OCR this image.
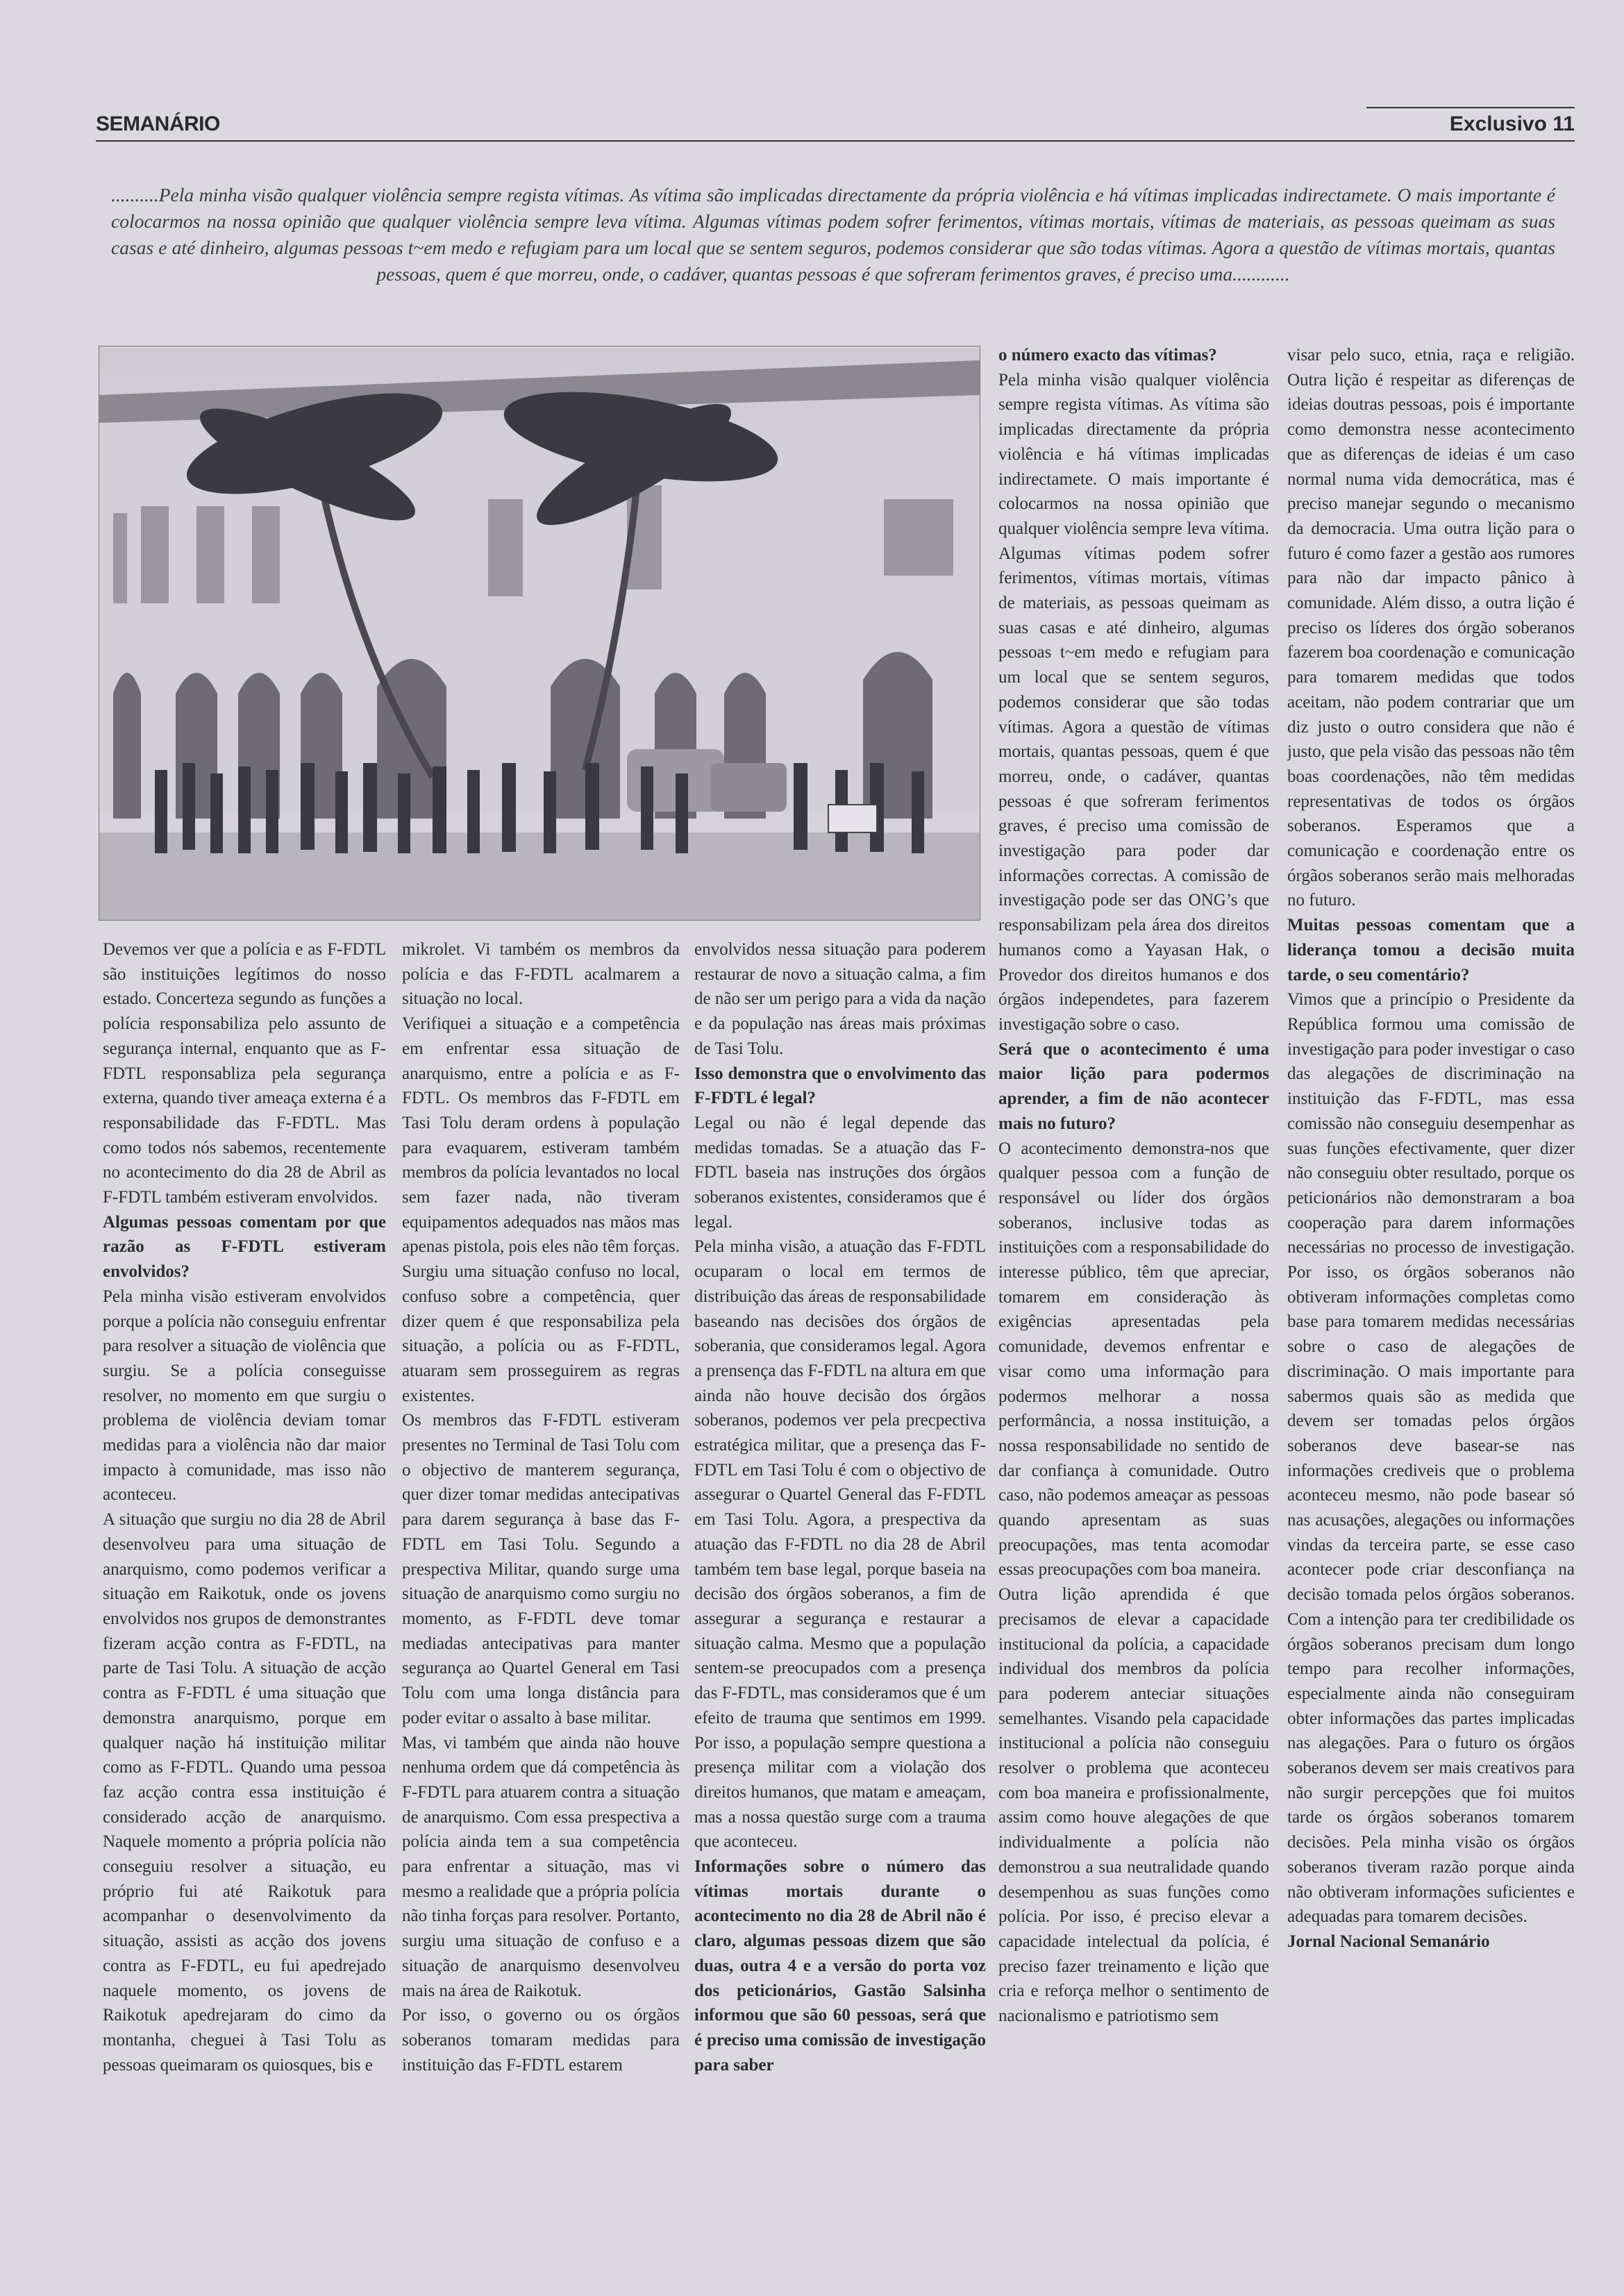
SEMANÁRIO	Exclusivo 11
..........Pela minha visão qualquer violência sempre regista vítimas. As vítima são implicadas directamente da própria violência e há vítimas implicadas indirectamete. O mais importante é colocarmos na nossa opinião que qualquer violência sempre leva vítima. Algumas vítimas podem sofrer ferimentos, vítimas mortais, vítimas de materiais, as pessoas queimam as suas casas e até dinheiro, algumas pessoas t~em medo e refugiam para um local que se sentem seguros, podemos considerar que são todas vítimas. Agora a questão de vítimas mortais, quantas pessoas, quem é que morreu, onde, o cadáver, quantas pessoas é que sofreram ferimentos graves, é preciso uma............

Devemos ver que a polícia e as F-FDTL são instituições legítimos do nosso estado. Concerteza segundo as funções a polícia responsabiliza pelo assunto de segurança internal, enquanto que as F-FDTL responsabliza pela segurança externa, quando tiver ameaça externa é a responsabilidade das F-FDTL. Mas como todos nós sabemos, recentemente no acontecimento do dia 28 de Abril as F-FDTL também estiveram envolvidos.

Algumas pessoas comentam por que razão as F-FDTL estiveram envolvidos?

Pela minha visão estiveram envolvidos porque a polícia não conseguiu enfrentar para resolver a situação de violência que surgiu. Se a polícia conseguisse resolver, no momento em que surgiu o problema de violência deviam tomar medidas para a violência não dar maior impacto à comunidade, mas isso não aconteceu.

A situação que surgiu no dia 28 de Abril desenvolveu para uma situação de anarquismo, como podemos verificar a situação em Raikotuk, onde os jovens envolvidos nos grupos de demonstrantes fizeram acção contra as F-FDTL, na parte de Tasi Tolu. A situação de acção contra as F-FDTL é uma situação que demonstra anarquismo, porque em qualquer nação há instituição militar como as F-FDTL. Quando uma pessoa faz acção contra essa instituição é considerado acção de anarquismo. Naquele momento a própria polícia não conseguiu resolver a situação, eu próprio fui até Raikotuk para acompanhar o desenvolvimento da situação, assisti as acção dos jovens contra as F-FDTL, eu fui apedrejado naquele momento, os jovens de Raikotuk apedrejaram do cimo da montanha, cheguei à Tasi Tolu as pessoas queimaram os quiosques, bis e

mikrolet. Vi também os membros da polícia e das F-FDTL acalmarem a situação no local.

Verifiquei a situação e a competência em enfrentar essa situação de anarquismo, entre a polícia e as F-FDTL. Os membros das F-FDTL em Tasi Tolu deram ordens à população para evaquarem, estiveram também membros da polícia levantados no local sem fazer nada, não tiveram equipamentos adequados nas mãos mas apenas pistola, pois eles não têm forças. Surgiu uma situação confuso no local, confuso sobre a competência, quer dizer quem é que responsabiliza pela situação, a polícia ou as F-FDTL, atuaram sem prosseguirem as regras existentes.

Os membros das F-FDTL estiveram presentes no Terminal de Tasi Tolu com o objectivo de manterem segurança, quer dizer tomar medidas antecipativas para darem segurança à base das F-FDTL em Tasi Tolu. Segundo a prespectiva Militar, quando surge uma situação de anarquismo como surgiu no momento, as F-FDTL deve tomar mediadas antecipativas para manter segurança ao Quartel General em Tasi Tolu com uma longa distância para poder evitar o assalto à base militar.

Mas, vi também que ainda não houve nenhuma ordem que dá competência às F-FDTL para atuarem contra a situação de anarquismo. Com essa prespectiva a polícia ainda tem a sua competência para enfrentar a situação, mas vi mesmo a realidade que a própria polícia não tinha forças para resolver. Portanto, surgiu uma situação de confuso e a situação de anarquismo desenvolveu mais na área de Raikotuk.

Por isso, o governo ou os órgãos soberanos tomaram medidas para instituição das F-FDTL estarem

envolvidos nessa situação para poderem restaurar de novo a situação calma, a fim de não ser um perigo para a vida da nação e da população nas áreas mais próximas de Tasi Tolu.

Isso demonstra que o envolvimento das F-FDTL é legal?

Legal ou não é legal depende das medidas tomadas. Se a atuação das F-FDTL baseia nas instruções dos órgãos soberanos existentes, consideramos que é legal.

Pela minha visão, a atuação das F-FDTL ocuparam o local em termos de distribuição das áreas de responsabilidade baseando nas decisões dos órgãos de soberania, que consideramos legal. Agora a prensença das F-FDTL na altura em que ainda não houve decisão dos órgãos soberanos, podemos ver pela precpectiva estratégica militar, que a presença das F-FDTL em Tasi Tolu é com o objectivo de assegurar o Quartel General das F-FDTL em Tasi Tolu. Agora, a prespectiva da atuação das F-FDTL no dia 28 de Abril também tem base legal, porque baseia na decisão dos órgãos soberanos, a fim de assegurar a segurança e restaurar a situação calma. Mesmo que a população sentem-se preocupados com a presença das F-FDTL, mas consideramos que é um efeito de trauma que sentimos em 1999. Por isso, a população sempre questiona a presença militar com a violação dos direitos humanos, que matam e ameaçam, mas a nossa questão surge com a trauma que aconteceu.

Informações sobre o número das vítimas mortais durante o acontecimento no dia 28 de Abril não é claro, algumas pessoas dizem que são duas, outra 4 e a versão do porta voz dos peticionários, Gastão Salsinha informou que são 60 pessoas, será que é preciso uma comissão de investigação para saber

o número exacto das vítimas?

Pela minha visão qualquer violência sempre regista vítimas. As vítima são implicadas directamente da própria violência e há vítimas implicadas indirectamete. O mais importante é colocarmos na nossa opinião que qualquer violência sempre leva vítima. Algumas vítimas podem sofrer ferimentos, vítimas mortais, vítimas de materiais, as pessoas queimam as suas casas e até dinheiro, algumas pessoas t~em medo e refugiam para um local que se sentem seguros, podemos considerar que são todas vítimas. Agora a questão de vítimas mortais, quantas pessoas, quem é que morreu, onde, o cadáver, quantas pessoas é que sofreram ferimentos graves, é preciso uma comissão de investigação para poder dar informações correctas. A comissão de investigação pode ser das ONG’s que responsabilizam pela área dos direitos humanos como a Yayasan Hak, o Provedor dos direitos humanos e dos órgãos independetes, para fazerem investigação sobre o caso.

Será que o acontecimento é uma maior lição para podermos aprender, a fim de não acontecer mais no futuro?

O acontecimento demonstra-nos que qualquer pessoa com a função de responsável ou líder dos órgãos soberanos, inclusive todas as instituições com a responsabilidade do interesse público, têm que apreciar, tomarem em consideração às exigências apresentadas pela comunidade, devemos enfrentar e visar como uma informação para podermos melhorar a nossa performância, a nossa instituição, a nossa responsabilidade no sentido de dar confiança à comunidade. Outro caso, não podemos ameaçar as pessoas quando apresentam as suas preocupações, mas tenta acomodar essas preocupações com boa maneira.

Outra lição aprendida é que precisamos de elevar a capacidade institucional da polícia, a capacidade individual dos membros da polícia para poderem anteciar situações semelhantes. Visando pela capacidade institucional a polícia não conseguiu resolver o problema que aconteceu com boa maneira e profissionalmente, assim como houve alegações de que individualmente a polícia não demonstrou a sua neutralidade quando desempenhou as suas funções como polícia. Por isso, é preciso elevar a capacidade intelectual da polícia, é preciso fazer treinamento e lição que cria e reforça melhor o sentimento de nacionalismo e patriotismo sem

visar pelo suco, etnia, raça e religião. Outra lição é respeitar as diferenças de ideias doutras pessoas, pois é importante como demonstra nesse acontecimento que as diferenças de ideias é um caso normal numa vida democrática, mas é preciso manejar segundo o mecanismo da democracia. Uma outra lição para o futuro é como fazer a gestão aos rumores para não dar impacto pânico à comunidade. Além disso, a outra lição é preciso os líderes dos órgão soberanos fazerem boa coordenação e comunicação para tomarem medidas que todos aceitam, não podem contrariar que um diz justo o outro considera que não é justo, que pela visão das pessoas não têm boas coordenações, não têm medidas representativas de todos os órgãos soberanos. Esperamos que a comunicação e coordenação entre os órgãos soberanos serão mais melhoradas no futuro.

Muitas pessoas comentam que a liderança tomou a decisão muita tarde, o seu comentário?

Vimos que a princípio o Presidente da República formou uma comissão de investigação para poder investigar o caso das alegações de discriminação na instituição das F-FDTL, mas essa comissão não conseguiu desempenhar as suas funções efectivamente, quer dizer não conseguiu obter resultado, porque os peticionários não demonstraram a boa cooperação para darem informações necessárias no processo de investigação. Por isso, os órgãos soberanos não obtiveram informações completas como base para tomarem medidas necessárias sobre o caso de alegações de discriminação. O mais importante para sabermos quais são as medida que devem ser tomadas pelos órgãos soberanos deve basear-se nas informações crediveis que o problema aconteceu mesmo, não pode basear só nas acusações, alegações ou informações vindas da terceira parte, se esse caso acontecer pode criar desconfiança na decisão tomada pelos órgãos soberanos. Com a intenção para ter credibilidade os órgãos soberanos precisam dum longo tempo para recolher informações, especialmente ainda não conseguiram obter informações das partes implicadas nas alegações. Para o futuro os órgãos soberanos devem ser mais creativos para não surgir percepções que foi muitos tarde os órgãos soberanos tomarem decisões. Pela minha visão os órgãos soberanos tiveram razão porque ainda não obtiveram informações suficientes e adequadas para tomarem decisões.

Jornal Nacional Semanário
